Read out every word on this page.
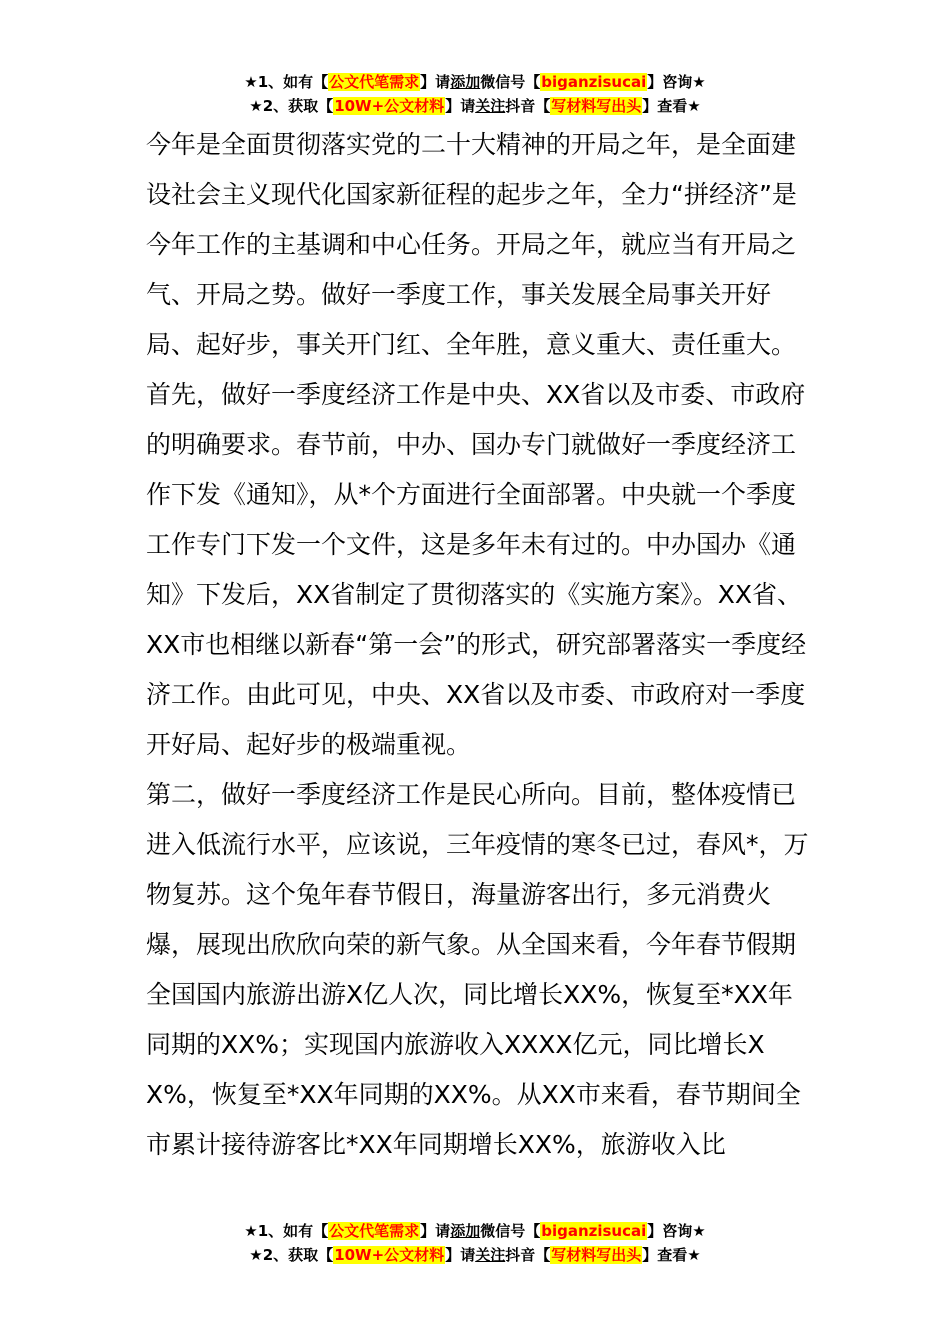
★1、如有【公文代笔需求】请添加微信号【biganzisucai】咨询★
★2、获取【10W+公文材料】请关注抖音【写材料写出头】查看★

今年是全面贯彻落实党的二十大精神的开局之年，是全面建设社会主义现代化国家新征程的起步之年，全力“拼经济”是今年工作的主基调和中心任务。开局之年，就应当有开局之气、开局之势。做好一季度工作，事关发展全局事关开好局、起好步，事关开门红、全年胜，意义重大、责任重大。

首先，做好一季度经济工作是中央、XX省以及市委、市政府的明确要求。春节前，中办、国办专门就做好一季度经济工作下发《通知》，从*个方面进行全面部署。中央就一个季度工作专门下发一个文件，这是多年未有过的。中办国办《通知》下发后，XX省制定了贯彻落实的《实施方案》。XX省、XX市也相继以新春“第一会”的形式，研究部署落实一季度经济工作。由此可见，中央、XX省以及市委、市政府对一季度开好局、起好步的极端重视。

第二，做好一季度经济工作是民心所向。目前，整体疫情已进入低流行水平，应该说，三年疫情的寒冬已过，春风*，万物复苏。这个兔年春节假日，海量游客出行，多元消费火爆，展现出欣欣向荣的新气象。从全国来看，今年春节假期全国国内旅游出游X亿人次，同比增长XX%，恢复至*XX年同期的XX%；实现国内旅游收入XXXX亿元，同比增长XX%，恢复至*XX年同期的XX%。从XX市来看，春节期间全市累计接待游客比*XX年同期增长XX%，旅游收入比

★1、如有【公文代笔需求】请添加微信号【biganzisucai】咨询★
★2、获取【10W+公文材料】请关注抖音【写材料写出头】查看★
